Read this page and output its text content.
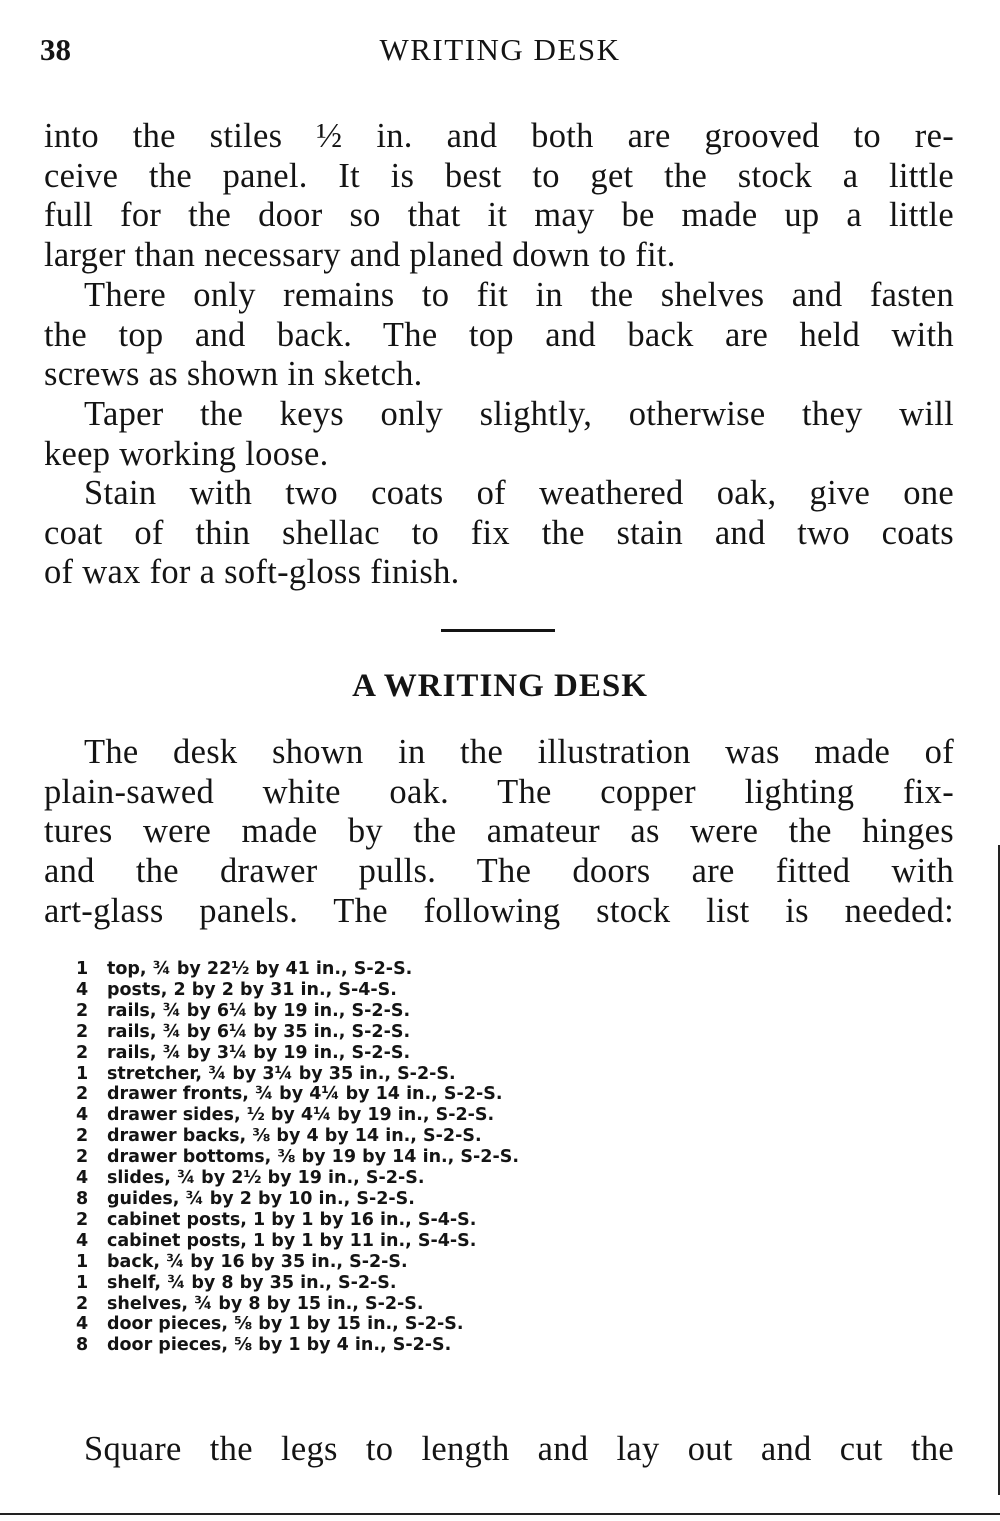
38	WRITING DESK

into the stiles ½ in. and both are grooved to re-
ceive the panel. It is best to get the stock a little
full for the door so that it may be made up a little
larger than necessary and planed down to fit.

There only remains to fit in the shelves and fasten
the top and back. The top and back are held with
screws as shown in sketch.

Taper the keys only slightly, otherwise they will
keep working loose.

Stain with two coats of weathered oak, give one
coat of thin shellac to fix the stain and two coats
of wax for a soft-gloss finish.

A WRITING DESK

The desk shown in the illustration was made of
plain-sawed white oak. The copper lighting fix-
tures were made by the amateur as were the hinges
and the drawer pulls. The doors are fitted with
art-glass panels. The following stock list is needed:

1 top, ¾ by 22½ by 41 in., S-2-S.
4 posts, 2 by 2 by 31 in., S-4-S.
2 rails, ¾ by 6¼ by 19 in., S-2-S.
2 rails, ¾ by 6¼ by 35 in., S-2-S.
2 rails, ¾ by 3¼ by 19 in., S-2-S.
1 stretcher, ¾ by 3¼ by 35 in., S-2-S.
2 drawer fronts, ¾ by 4¼ by 14 in., S-2-S.
4 drawer sides, ½ by 4¼ by 19 in., S-2-S.
2 drawer backs, ⅜ by 4 by 14 in., S-2-S.
2 drawer bottoms, ⅜ by 19 by 14 in., S-2-S.
4 slides, ¾ by 2½ by 19 in., S-2-S.
8 guides, ¾ by 2 by 10 in., S-2-S.
2 cabinet posts, 1 by 1 by 16 in., S-4-S.
4 cabinet posts, 1 by 1 by 11 in., S-4-S.
1 back, ¾ by 16 by 35 in., S-2-S.
1 shelf, ¾ by 8 by 35 in., S-2-S.
2 shelves, ¾ by 8 by 15 in., S-2-S.
4 door pieces, ⅝ by 1 by 15 in., S-2-S.
8 door pieces, ⅝ by 1 by 4 in., S-2-S.

Square the legs to length and lay out and cut the
